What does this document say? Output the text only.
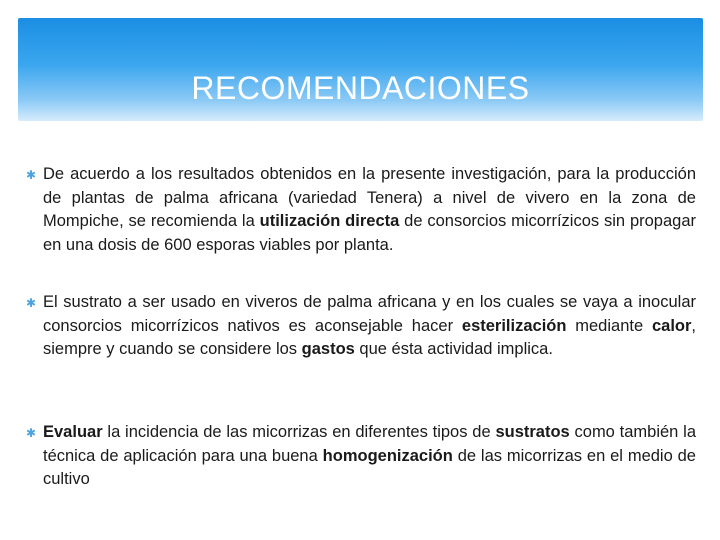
RECOMENDACIONES
✱ De acuerdo a los resultados obtenidos en la presente investigación, para la producción de plantas de palma africana (variedad Tenera) a nivel de vivero en la zona de Mompiche, se recomienda la utilización directa de consorcios micorrízicos sin propagar en una dosis de 600 esporas viables por planta.
✱ El sustrato a ser usado en viveros de palma africana y en los cuales se vaya a inocular consorcios micorrízicos nativos es aconsejable hacer esterilización mediante calor, siempre y cuando se considere los gastos que ésta actividad implica.
✱ Evaluar la incidencia de las micorrizas en diferentes tipos de sustratos como también la técnica de aplicación para una buena homogenización de las micorrizas en el medio de cultivo
